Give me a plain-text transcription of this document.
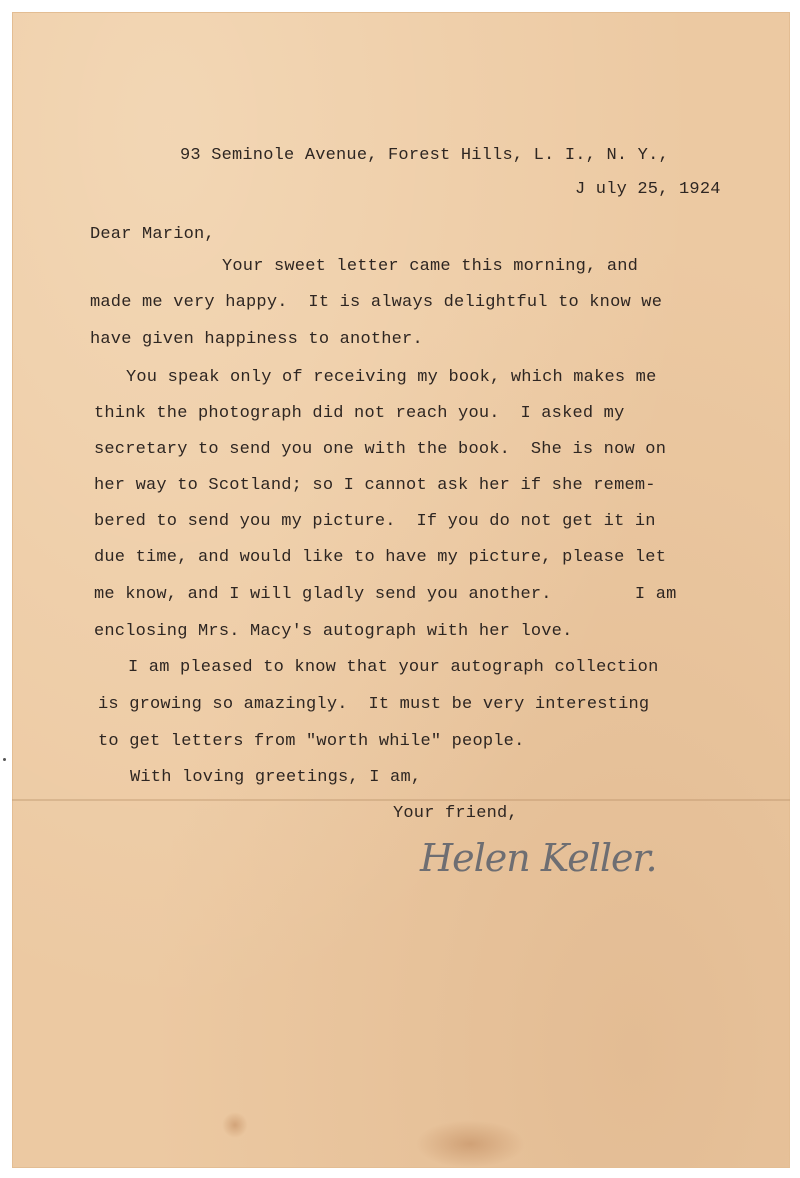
93 Seminole Avenue, Forest Hills, L. I., N. Y.,
J uly 25, 1924
Dear Marion,
Your sweet letter came this morning, and
made me very happy.  It is always delightful to know we
have given happiness to another.
You speak only of receiving my book, which makes me
think the photograph did not reach you.  I asked my
secretary to send you one with the book.  She is now on
her way to Scotland; so I cannot ask her if she remem-
bered to send you my picture.  If you do not get it in
due time, and would like to have my picture, please let
me know, and I will gladly send you another.        I am
enclosing Mrs. Macy's autograph with her love.
I am pleased to know that your autograph collection
is growing so amazingly.  It must be very interesting
to get letters from "worth while" people.
With loving greetings, I am,
Your friend,
Helen Keller.
